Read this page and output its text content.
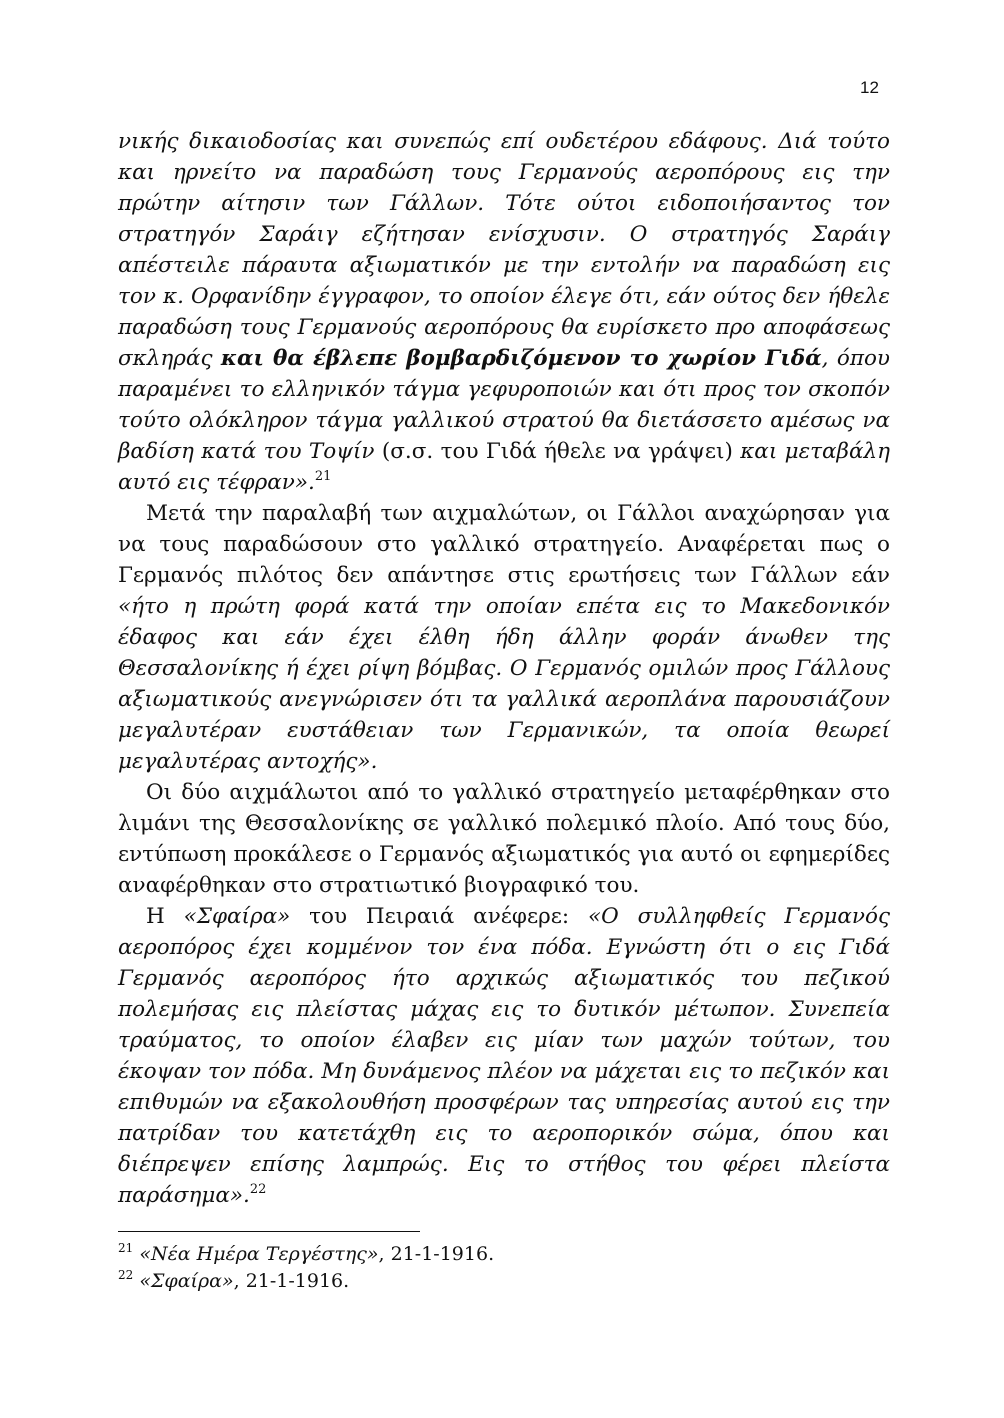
12

νικής δικαιοδοσίας και συνεπώς επί ουδετέρου εδάφους. Διά τούτο και ηρνείτο να παραδώση τους Γερμανούς αεροπόρους εις την πρώτην αίτησιν των Γάλλων. Τότε ούτοι ειδοποιήσαντος τον στρατηγόν Σαράιγ εζήτησαν ενίσχυσιν. Ο στρατηγός Σαράιγ απέστειλε πάραυτα αξιωματικόν με την εντολήν να παραδώση εις τον κ. Ορφανίδην έγγραφον, το οποίον έλεγε ότι, εάν ούτος δεν ήθελε παραδώση τους Γερμανούς αεροπόρους θα ευρίσκετο προ αποφάσεως σκληράς και θα έβλεπε βομβαρδιζόμενον το χωρίον Γιδά, όπου παραμένει το ελληνικόν τάγμα γεφυροποιών και ότι προς τον σκοπόν τούτο ολόκληρον τάγμα γαλλικού στρατού θα διετάσσετο αμέσως να βαδίση κατά του Τοψίν (σ.σ. του Γιδά ήθελε να γράψει) και μεταβάλη αυτό εις τέφραν».$^{21}$

Μετά την παραλαβή των αιχμαλώτων, οι Γάλλοι αναχώρησαν για να τους παραδώσουν στο γαλλικό στρατηγείο. Αναφέρεται πως ο Γερμανός πιλότος δεν απάντησε στις ερωτήσεις των Γάλλων εάν «ήτο η πρώτη φορά κατά την οποίαν επέτα εις το Μακεδονικόν έδαφος και εάν έχει έλθη ήδη άλλην φοράν άνωθεν της Θεσσαλονίκης ή έχει ρίψη βόμβας. Ο Γερμανός ομιλών προς Γάλλους αξιωματικούς ανεγνώρισεν ότι τα γαλλικά αεροπλάνα παρουσιάζουν μεγαλυτέραν ευστάθειαν των Γερμανικών, τα οποία θεωρεί μεγαλυτέρας αντοχής».

Οι δύο αιχμάλωτοι από το γαλλικό στρατηγείο μεταφέρθηκαν στο λιμάνι της Θεσσαλονίκης σε γαλλικό πολεμικό πλοίο. Από τους δύο, εντύπωση προκάλεσε ο Γερμανός αξιωματικός για αυτό οι εφημερίδες αναφέρθηκαν στο στρατιωτικό βιογραφικό του.

Η «Σφαίρα» του Πειραιά ανέφερε: «Ο συλληφθείς Γερμανός αεροπόρος έχει κομμένον τον ένα πόδα. Εγνώστη ότι ο εις Γιδά Γερμανός αεροπόρος ήτο αρχικώς αξιωματικός του πεζικού πολεμήσας εις πλείστας μάχας εις το δυτικόν μέτωπον. Συνεπεία τραύματος, το οποίον έλαβεν εις μίαν των μαχών τούτων, του έκοψαν τον πόδα. Μη δυνάμενος πλέον να μάχεται εις το πεζικόν και επιθυμών να εξακολουθήση προσφέρων τας υπηρεσίας αυτού εις την πατρίδαν του κατετάχθη εις το αεροπορικόν σώμα, όπου και διέπρεψεν επίσης λαμπρώς. Εις το στήθος του φέρει πλείστα παράσημα».$^{22}$

$^{21}$ «Νέα Ημέρα Τεργέστης», 21-1-1916.

$^{22}$ «Σφαίρα», 21-1-1916.
